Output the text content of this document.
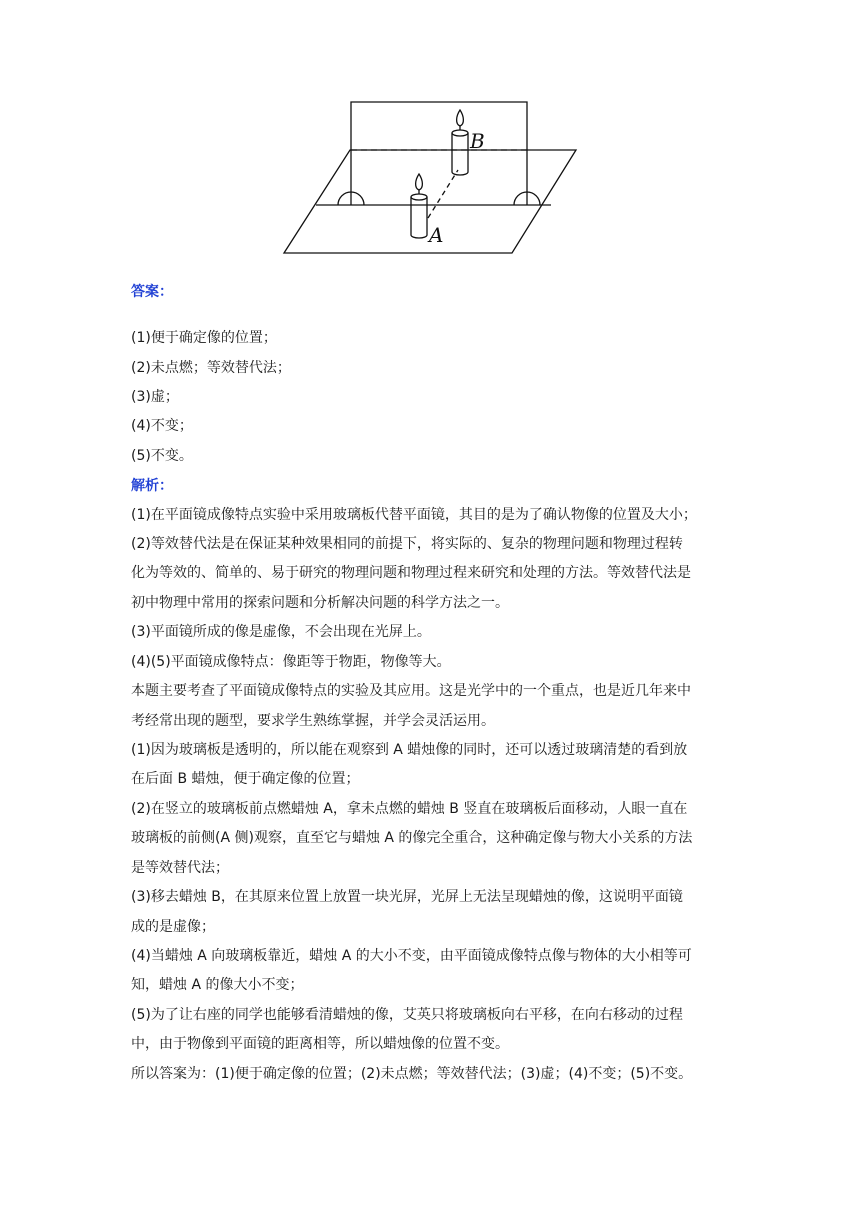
B
A
答案：
(1)便于确定像的位置；
(2)未点燃；等效替代法；
(3)虚；
(4)不变；
(5)不变。
解析：
(1)在平面镜成像特点实验中采用玻璃板代替平面镜，其目的是为了确认物像的位置及大小；
(2)等效替代法是在保证某种效果相同的前提下，将实际的、复杂的物理问题和物理过程转
化为等效的、简单的、易于研究的物理问题和物理过程来研究和处理的方法。等效替代法是
初中物理中常用的探索问题和分析解决问题的科学方法之一。
(3)平面镜所成的像是虚像，不会出现在光屏上。
(4)(5)平面镜成像特点：像距等于物距，物像等大。
本题主要考查了平面镜成像特点的实验及其应用。这是光学中的一个重点，也是近几年来中
考经常出现的题型，要求学生熟练掌握，并学会灵活运用。
(1)因为玻璃板是透明的，所以能在观察到 A 蜡烛像的同时，还可以透过玻璃清楚的看到放
在后面 B 蜡烛，便于确定像的位置；
(2)在竖立的玻璃板前点燃蜡烛 A，拿未点燃的蜡烛 B 竖直在玻璃板后面移动，人眼一直在
玻璃板的前侧(A 侧)观察，直至它与蜡烛 A 的像完全重合，这种确定像与物大小关系的方法
是等效替代法；
(3)移去蜡烛 B，在其原来位置上放置一块光屏，光屏上无法呈现蜡烛的像，这说明平面镜
成的是虚像；
(4)当蜡烛 A 向玻璃板靠近，蜡烛 A 的大小不变，由平面镜成像特点像与物体的大小相等可
知，蜡烛 A 的像大小不变；
(5)为了让右座的同学也能够看清蜡烛的像，艾英只将玻璃板向右平移，在向右移动的过程
中，由于物像到平面镜的距离相等，所以蜡烛像的位置不变。
所以答案为：(1)便于确定像的位置；(2)未点燃；等效替代法；(3)虚；(4)不变；(5)不变。
